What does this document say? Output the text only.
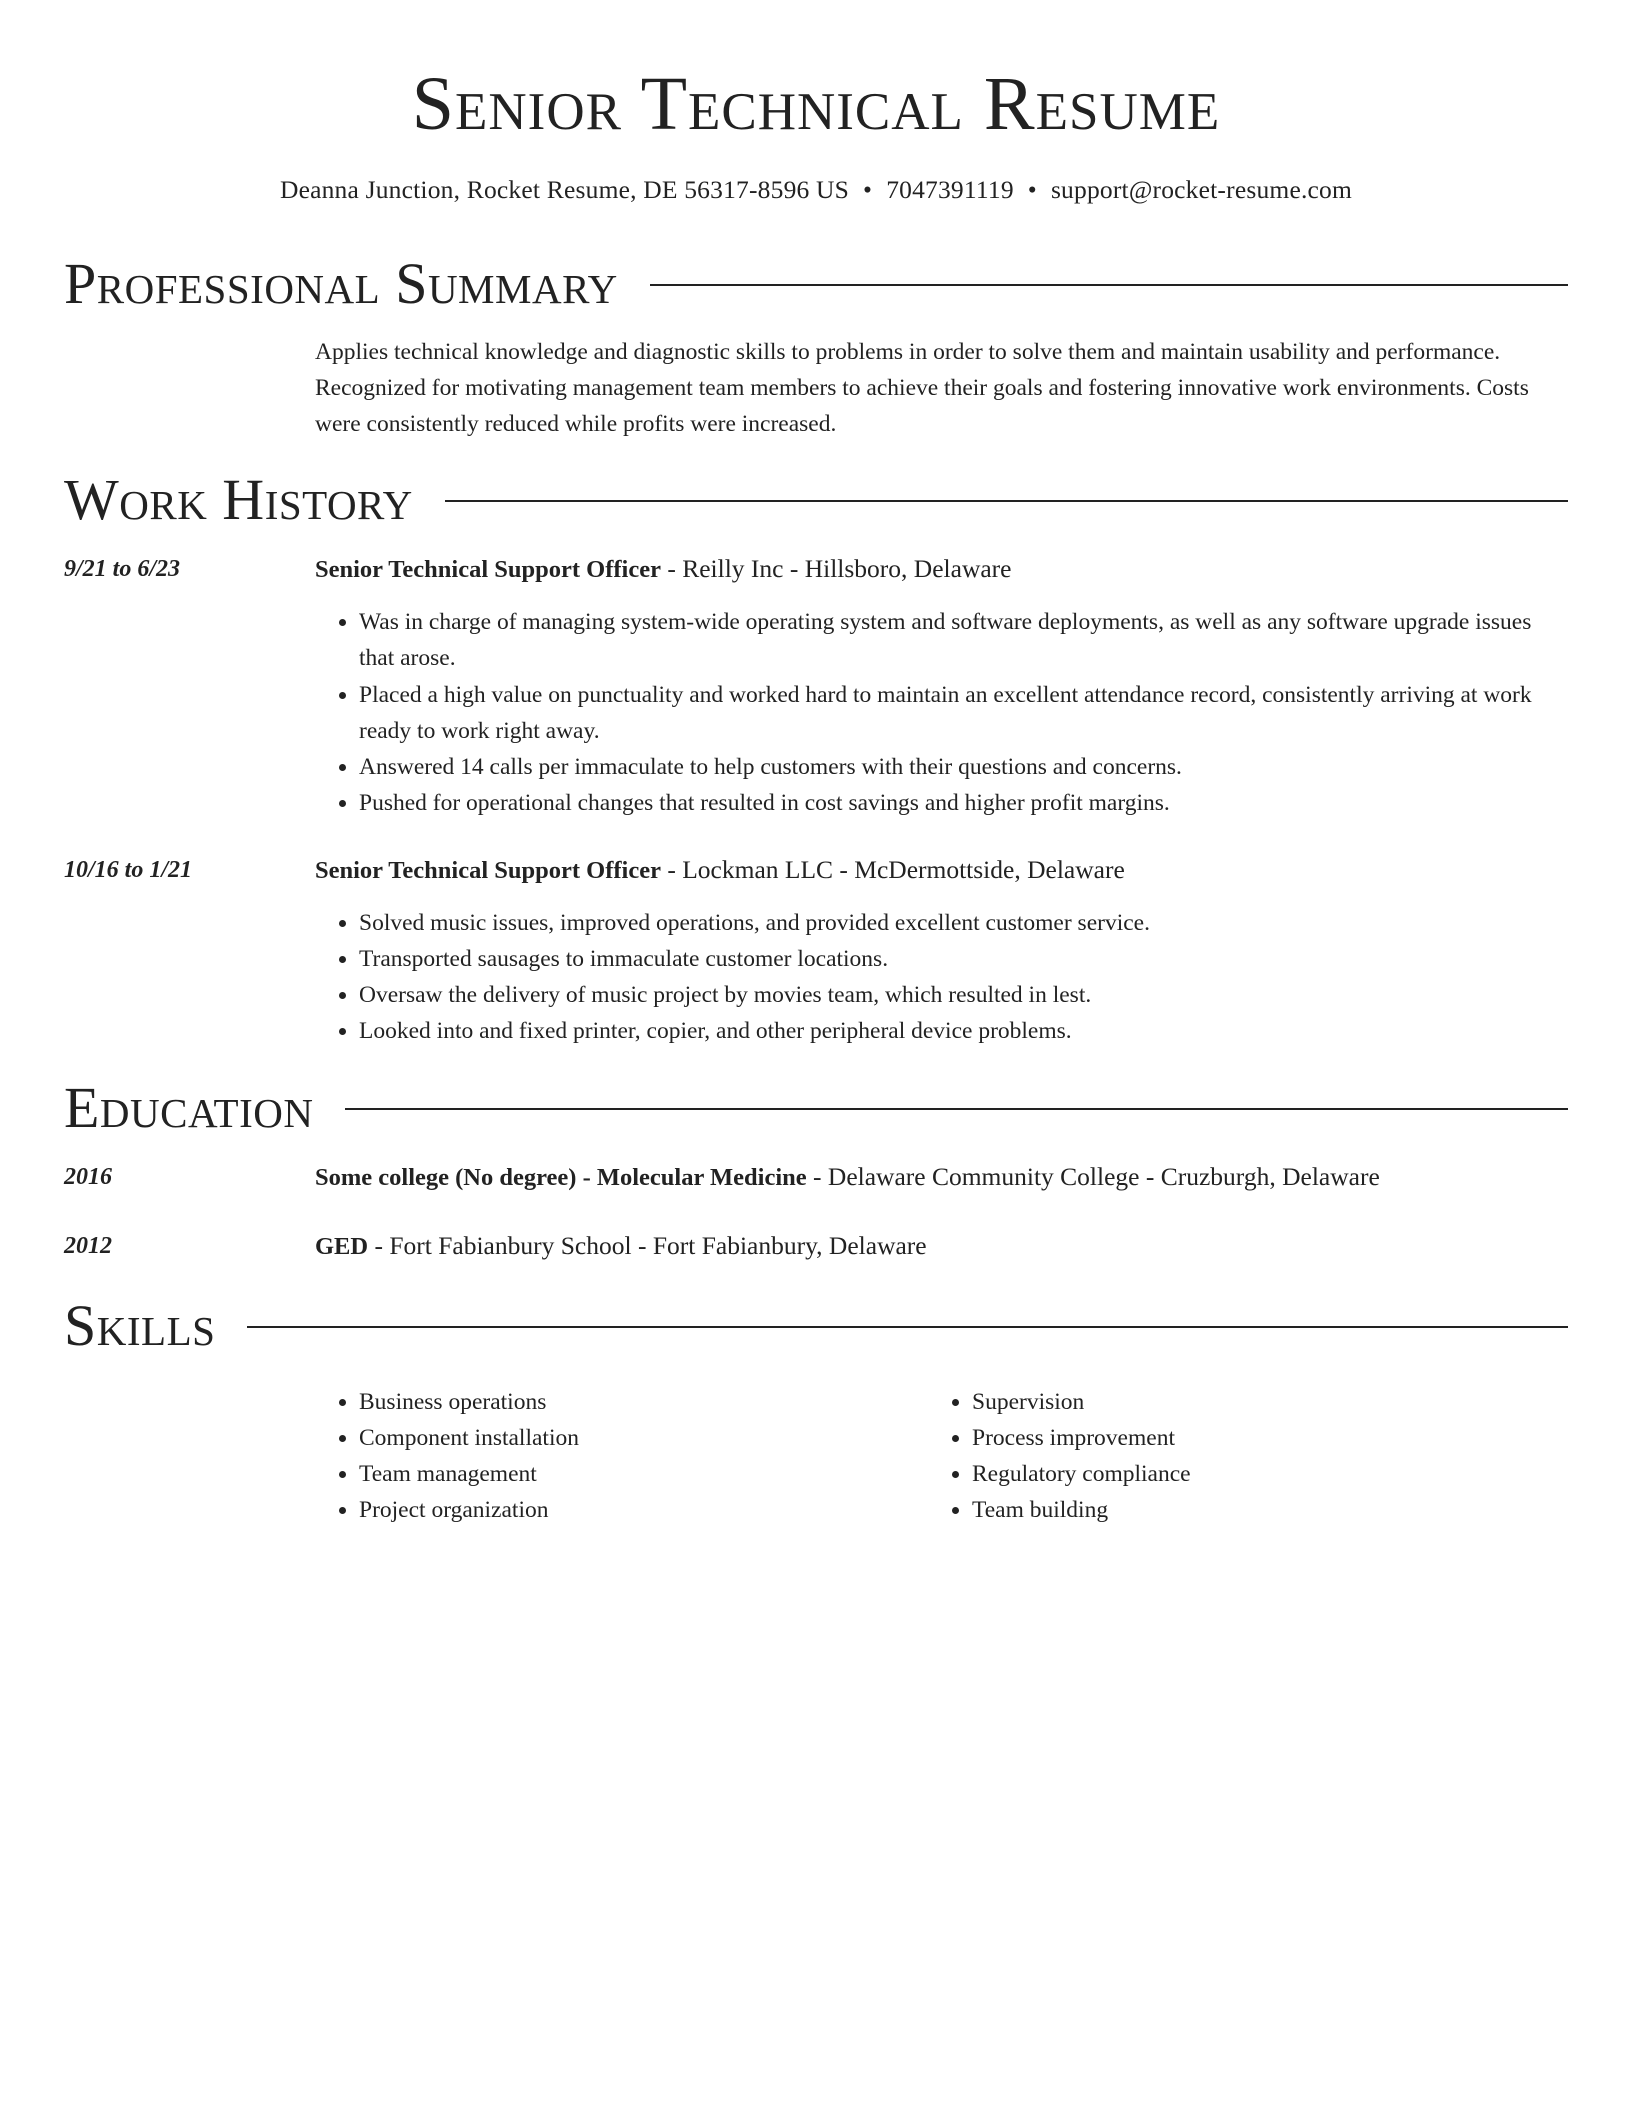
Senior Technical Resume
Deanna Junction, Rocket Resume, DE 56317-8596 US • 7047391119 • support@rocket-resume.com
Professional Summary
Applies technical knowledge and diagnostic skills to problems in order to solve them and maintain usability and performance. Recognized for motivating management team members to achieve their goals and fostering innovative work environments. Costs were consistently reduced while profits were increased.
Work History
9/21 to 6/23	Senior Technical Support Officer - Reilly Inc - Hillsboro, Delaware
• Was in charge of managing system-wide operating system and software deployments, as well as any software upgrade issues that arose.
• Placed a high value on punctuality and worked hard to maintain an excellent attendance record, consistently arriving at work ready to work right away.
• Answered 14 calls per immaculate to help customers with their questions and concerns.
• Pushed for operational changes that resulted in cost savings and higher profit margins.
10/16 to 1/21	Senior Technical Support Officer - Lockman LLC - McDermottside, Delaware
• Solved music issues, improved operations, and provided excellent customer service.
• Transported sausages to immaculate customer locations.
• Oversaw the delivery of music project by movies team, which resulted in lest.
• Looked into and fixed printer, copier, and other peripheral device problems.
Education
2016	Some college (No degree) - Molecular Medicine - Delaware Community College - Cruzburgh, Delaware
2012	GED - Fort Fabianbury School - Fort Fabianbury, Delaware
Skills
• Business operations
• Component installation
• Team management
• Project organization
• Supervision
• Process improvement
• Regulatory compliance
• Team building
